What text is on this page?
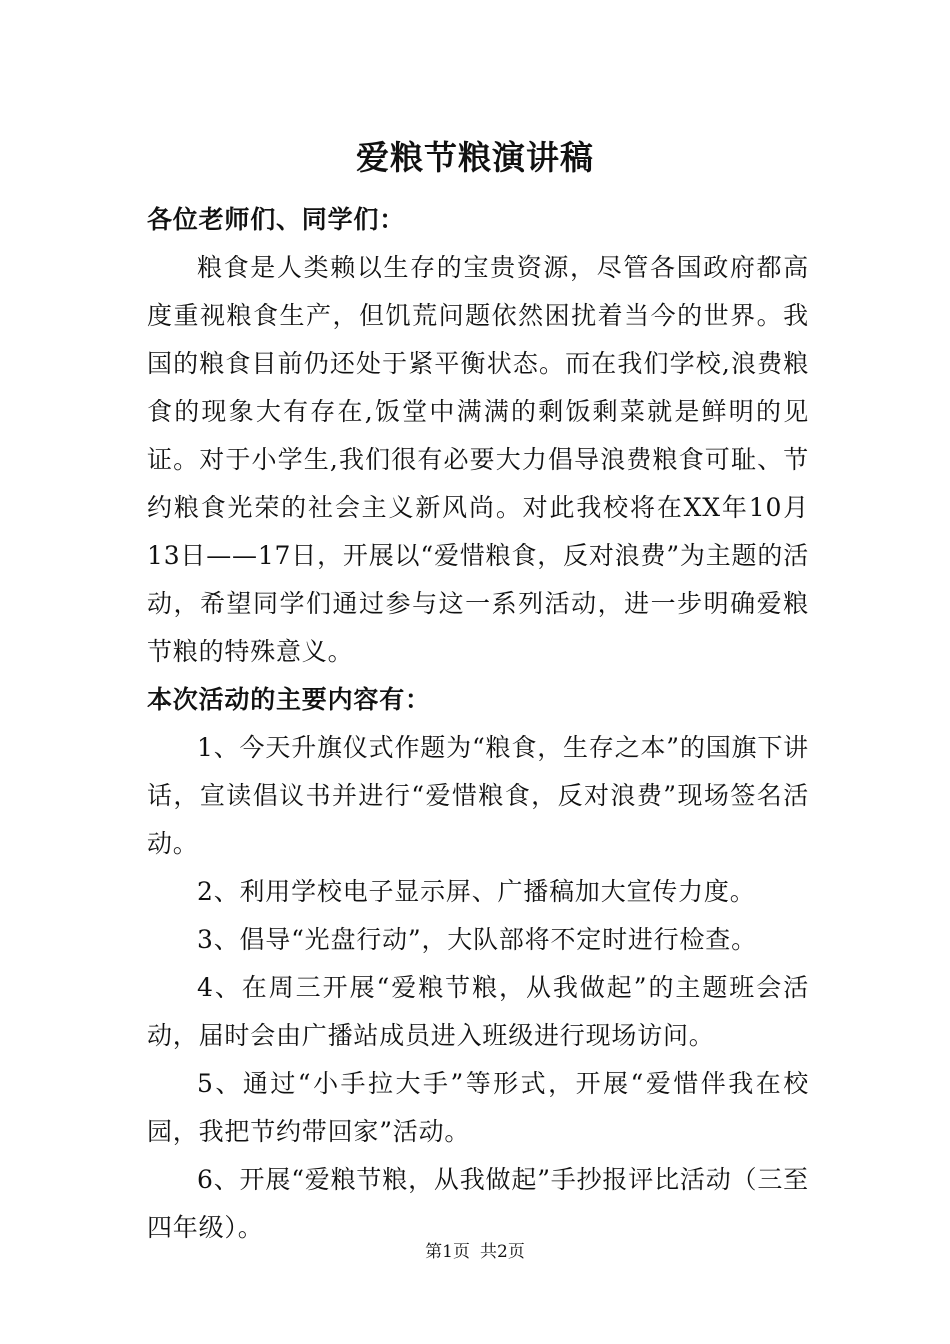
爱粮节粮演讲稿

各位老师们、同学们：

粮食是人类赖以生存的宝贵资源，尽管各国政府都高度重视粮食生产，但饥荒问题依然困扰着当今的世界。我国的粮食目前仍还处于紧平衡状态。而在我们学校,浪费粮食的现象大有存在,饭堂中满满的剩饭剩菜就是鲜明的见证。对于小学生,我们很有必要大力倡导浪费粮食可耻、节约粮食光荣的社会主义新风尚。对此我校将在XX年10月13日——17日，开展以“爱惜粮食，反对浪费”为主题的活动，希望同学们通过参与这一系列活动，进一步明确爱粮节粮的特殊意义。

本次活动的主要内容有：

1、今天升旗仪式作题为“粮食，生存之本”的国旗下讲话，宣读倡议书并进行“爱惜粮食，反对浪费”现场签名活动。

2、利用学校电子显示屏、广播稿加大宣传力度。

3、倡导“光盘行动”，大队部将不定时进行检查。

4、在周三开展“爱粮节粮，从我做起”的主题班会活动，届时会由广播站成员进入班级进行现场访问。

5、通过“小手拉大手”等形式，开展“爱惜伴我在校园，我把节约带回家”活动。

6、开展“爱粮节粮，从我做起”手抄报评比活动（三至四年级）。

第1页 共2页
